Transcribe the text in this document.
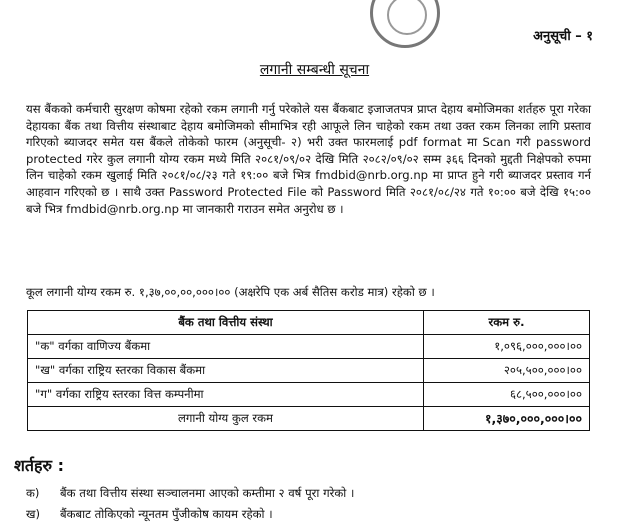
अनुसूची – १
लगानी सम्बन्धी सूचना

यस बैंकको कर्मचारी सुरक्षण कोषमा रहेको रकम लगानी गर्नु परेकोले यस बैंकबाट इजाजतपत्र प्राप्त देहाय बमोजिमका शर्तहरु पूरा गरेका देहायका बैंक तथा वित्तीय संस्थाबाट देहाय बमोजिमको सीमाभित्र रही आफूले लिन चाहेको रकम तथा उक्त रकम लिनका लागि प्रस्ताव गरिएको ब्याजदर समेत यस बैंकले तोकेको फारम (अनुसूची- २) भरी उक्त फारमलाई pdf format मा Scan गरी password protected गरेर कुल लगानी योग्य रकम मध्ये मिति २०८१/०९/०२ देखि मिति २०८२/०९/०२ सम्म ३६६ दिनको मुद्दती निक्षेपको रुपमा लिन चाहेको रकम खुलाई मिति २०८१/०८/२३ गते १९:०० बजे भित्र fmdbid@nrb.org.np मा प्राप्त हुने गरी ब्याजदर प्रस्ताव गर्न आहवान गरिएको छ । साथै उक्त Password Protected File को Password मिति २०८१/०८/२४ गते १०:०० बजे देखि १५:०० बजे भित्र fmdbid@nrb.org.np मा जानकारी गराउन समेत अनुरोध छ ।

कूल लगानी योग्य रकम रु. १,३७,००,००,०००।०० (अक्षरेपि एक अर्ब सैतिस करोड मात्र) रहेको छ ।
बैंक तथा वित्तीय संस्था	रकम रु.
"क" वर्गका वाणिज्य बैंकमा	१,०९६,०००,०००।००
"ख" वर्गका राष्ट्रिय स्तरका विकास बैंकमा	२०५,५००,०००।००
"ग" वर्गका राष्ट्रिय स्तरका वित्त कम्पनीमा	६८,५००,०००।००
लगानी योग्य कुल रकम	१,३७०,०००,०००।००
शर्तहरु :
क) बैंक तथा वित्तीय संस्था सञ्चालनमा आएको कम्तीमा २ वर्ष पूरा गरेको ।
ख) बैंकबाट तोकिएको न्यूनतम पुँजीकोष कायम रहेको ।
